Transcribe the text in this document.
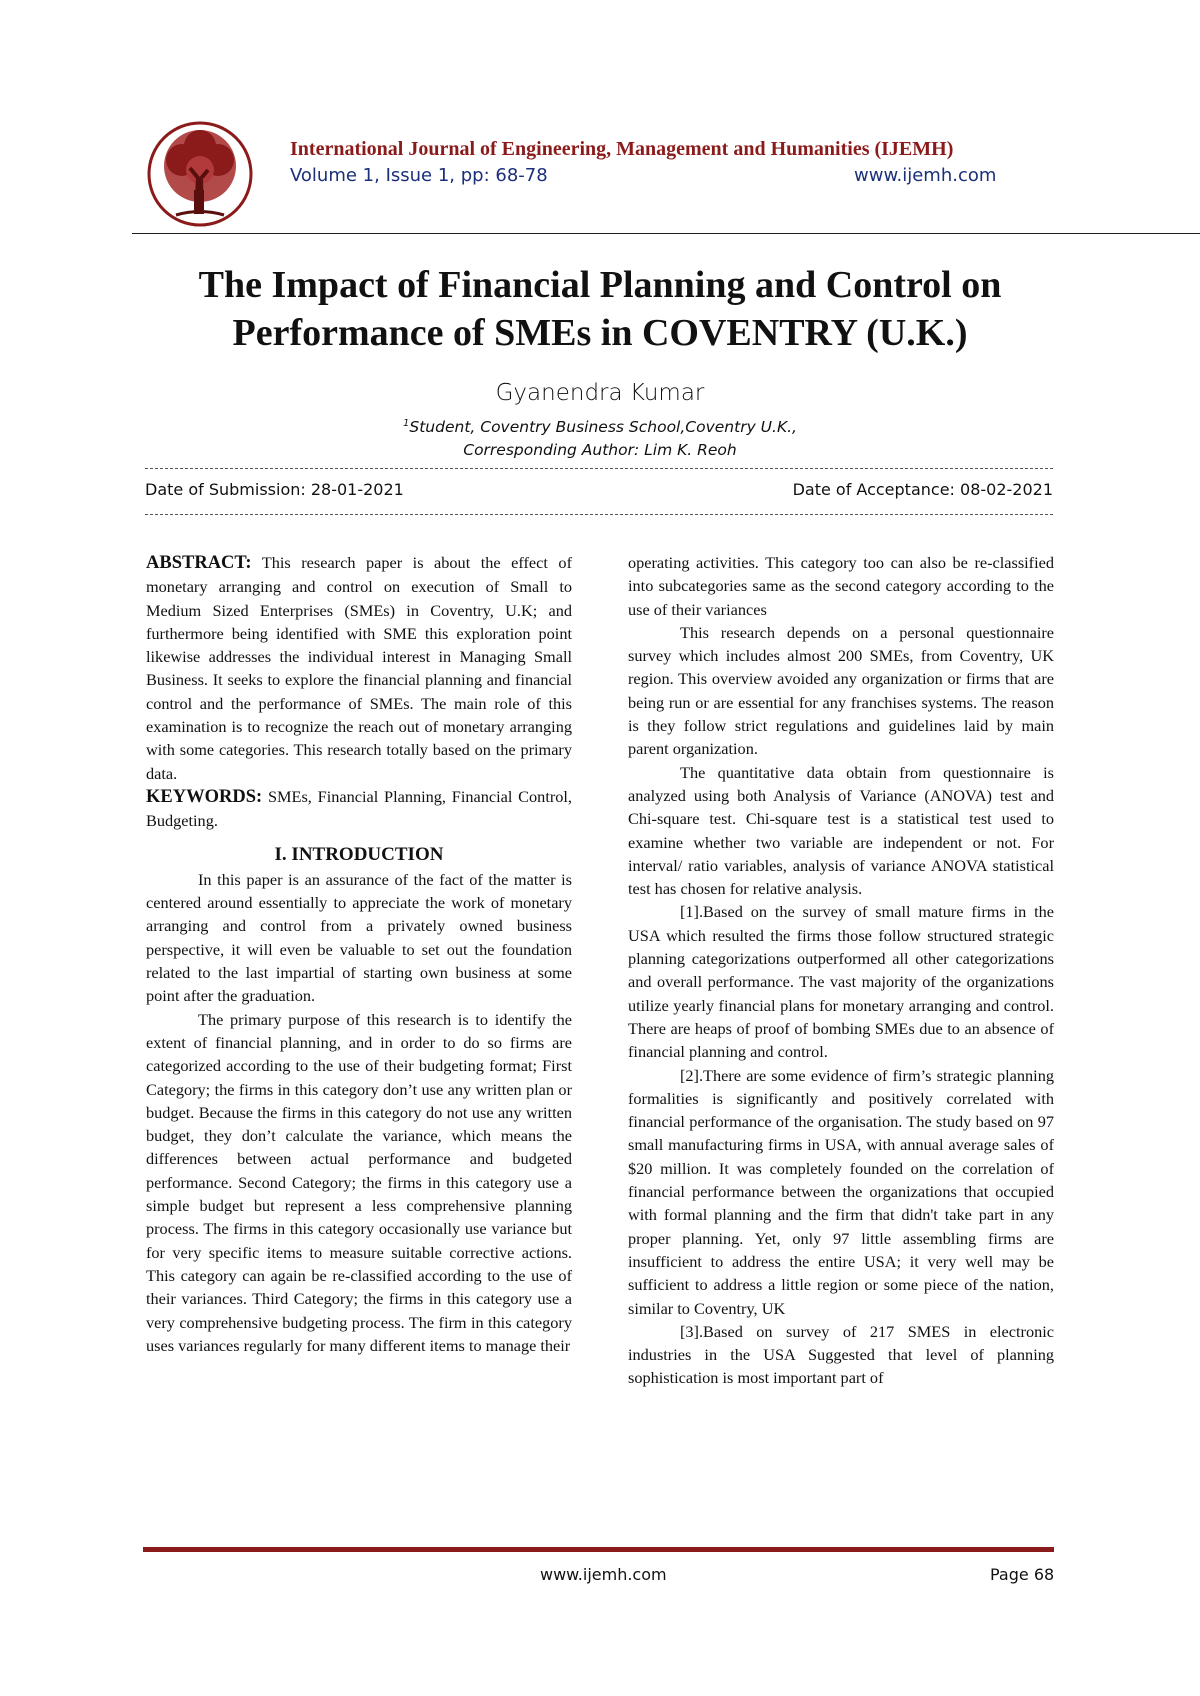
International Journal of Engineering, Management and Humanities (IJEMH)
Volume 1, Issue 1, pp: 68-78	www.ijemh.com
The Impact of Financial Planning and Control on
Performance of SMEs in COVENTRY (U.K.)
Gyanendra Kumar
$^1$Student, Coventry Business School,Coventry U.K.,
Corresponding Author: Lim K. Reoh
Date of Submission: 28-01-2021	Date of Acceptance: 08-02-2021

ABSTRACT: This research paper is about the effect of monetary arranging and control on execution of Small to Medium Sized Enterprises (SMEs) in Coventry, U.K; and furthermore being identified with SME this exploration point likewise addresses the individual interest in Managing Small Business. It seeks to explore the financial planning and financial control and the performance of SMEs. The main role of this examination is to recognize the reach out of monetary arranging with some categories. This research totally based on the primary data.

KEYWORDS: SMEs, Financial Planning, Financial Control, Budgeting.

I. INTRODUCTION

In this paper is an assurance of the fact of the matter is centered around essentially to appreciate the work of monetary arranging and control from a privately owned business perspective, it will even be valuable to set out the foundation related to the last impartial of starting own business at some point after the graduation.

The primary purpose of this research is to identify the extent of financial planning, and in order to do so firms are categorized according to the use of their budgeting format; First Category; the firms in this category don’t use any written plan or budget. Because the firms in this category do not use any written budget, they don’t calculate the variance, which means the differences between actual performance and budgeted performance. Second Category; the firms in this category use a simple budget but represent a less comprehensive planning process. The firms in this category occasionally use variance but for very specific items to measure suitable corrective actions. This category can again be re-classified according to the use of their variances. Third Category; the firms in this category use a very comprehensive budgeting process. The firm in this category uses variances regularly for many different items to manage their

operating activities. This category too can also be re-classified into subcategories same as the second category according to the use of their variances

This research depends on a personal questionnaire survey which includes almost 200 SMEs, from Coventry, UK region. This overview avoided any organization or firms that are being run or are essential for any franchises systems. The reason is they follow strict regulations and guidelines laid by main parent organization.

The quantitative data obtain from questionnaire is analyzed using both Analysis of Variance (ANOVA) test and Chi-square test. Chi-square test is a statistical test used to examine whether two variable are independent or not. For interval/ ratio variables, analysis of variance ANOVA statistical test has chosen for relative analysis.

[1].Based on the survey of small mature firms in the USA which resulted the firms those follow structured strategic planning categorizations outperformed all other categorizations and overall performance. The vast majority of the organizations utilize yearly financial plans for monetary arranging and control. There are heaps of proof of bombing SMEs due to an absence of financial planning and control.

[2].There are some evidence of firm’s strategic planning formalities is significantly and positively correlated with financial performance of the organisation. The study based on 97 small manufacturing firms in USA, with annual average sales of $20 million. It was completely founded on the correlation of financial performance between the organizations that occupied with formal planning and the firm that didn't take part in any proper planning. Yet, only 97 little assembling firms are insufficient to address the entire USA; it very well may be sufficient to address a little region or some piece of the nation, similar to Coventry, UK

[3].Based on survey of 217 SMES in electronic industries in the USA Suggested that level of planning sophistication is most important part of

www.ijemh.com	Page 68
